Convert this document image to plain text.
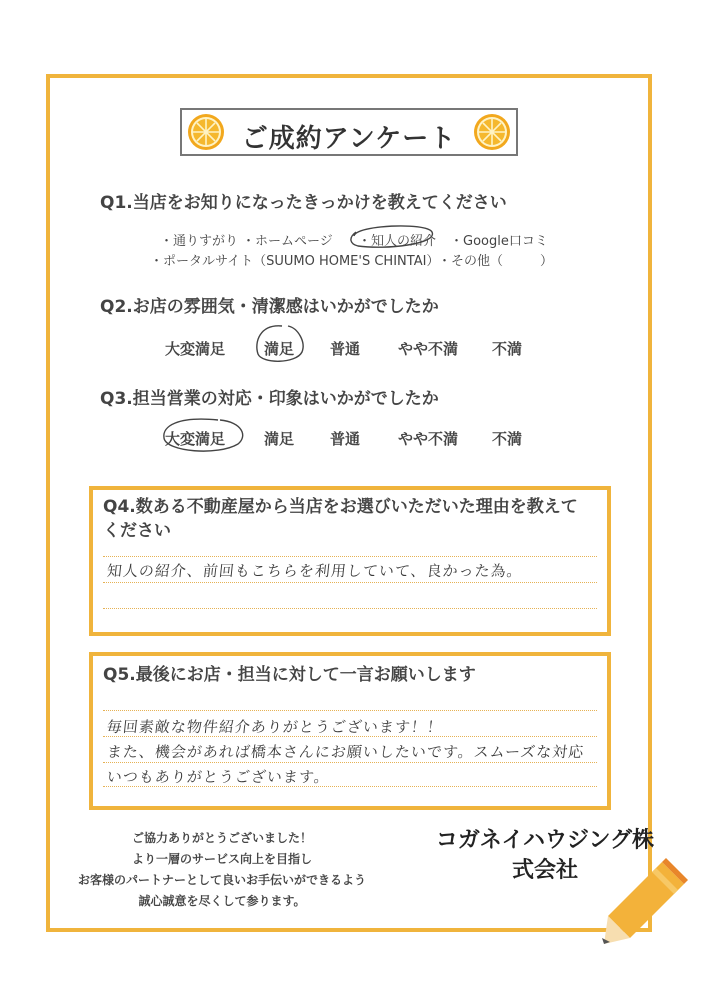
ご成約アンケート
Q1.当店をお知りになったきっかけを教えてください
・通りすがり ・ホームページ ・知人の紹介 ・Google口コミ
・ポータルサイト（SUUMO HOME'S CHINTAI）
・その他（	）
Q2.お店の雰囲気・清潔感はいかがでしたか
大変満足	満足 普通	やや不満 不満
Q3.担当営業の対応・印象はいかがでしたか
大変満足	満足 普通	やや不満 不満
Q4.数ある不動産屋から当店をお選びいただいた理由を教えて
ください
知人の紹介、前回もこちらを利用していて、良かった為。
Q5.最後にお店・担当に対して一言お願いします
毎回素敵な物件紹介ありがとうございます！！
また、機会があれば橋本さんにお願いしたいです。スムーズな対応
いつもありがとうございます。
ご協力ありがとうございました！
より一層のサービス向上を目指し
お客様のパートナーとして良いお手伝いができるよう
誠心誠意を尽くして参ります。
コガネイハウジング株
式会社
